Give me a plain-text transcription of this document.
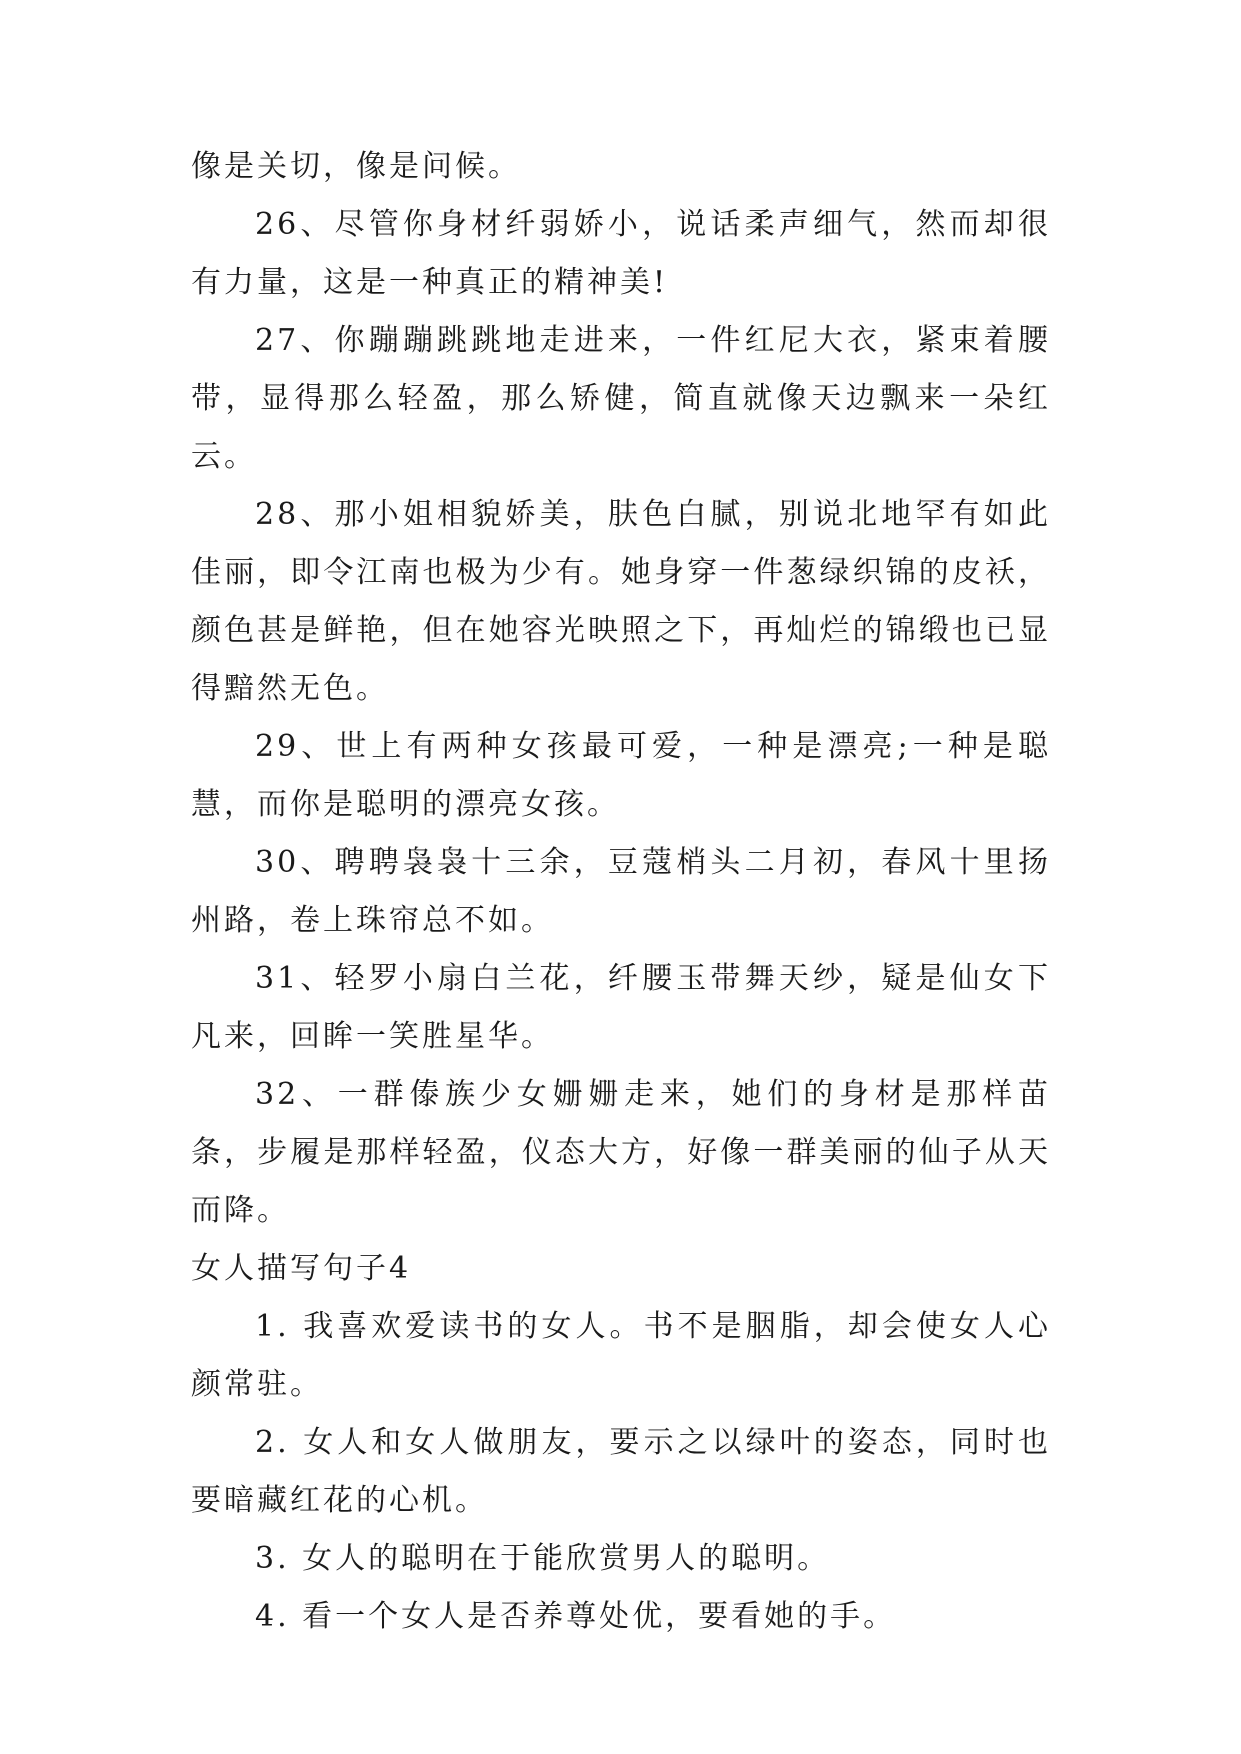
像是关切，像是问候。

26、尽管你身材纤弱娇小，说话柔声细气，然而却很有力量，这是一种真正的精神美!

27、你蹦蹦跳跳地走进来，一件红尼大衣，紧束着腰带，显得那么轻盈，那么矫健，简直就像天边飘来一朵红云。

28、那小姐相貌娇美，肤色白腻，别说北地罕有如此佳丽，即令江南也极为少有。她身穿一件葱绿织锦的皮袄，颜色甚是鲜艳，但在她容光映照之下，再灿烂的锦缎也已显得黯然无色。

29、世上有两种女孩最可爱，一种是漂亮;一种是聪慧，而你是聪明的漂亮女孩。

30、聘聘袅袅十三余，豆蔻梢头二月初，春风十里扬州路，卷上珠帘总不如。

31、轻罗小扇白兰花，纤腰玉带舞天纱，疑是仙女下凡来，回眸一笑胜星华。

32、一群傣族少女姗姗走来，她们的身材是那样苗条，步履是那样轻盈，仪态大方，好像一群美丽的仙子从天而降。

女人描写句子4

1. 我喜欢爱读书的女人。书不是胭脂，却会使女人心颜常驻。

2. 女人和女人做朋友，要示之以绿叶的姿态，同时也要暗藏红花的心机。

3. 女人的聪明在于能欣赏男人的聪明。

4. 看一个女人是否养尊处优，要看她的手。
